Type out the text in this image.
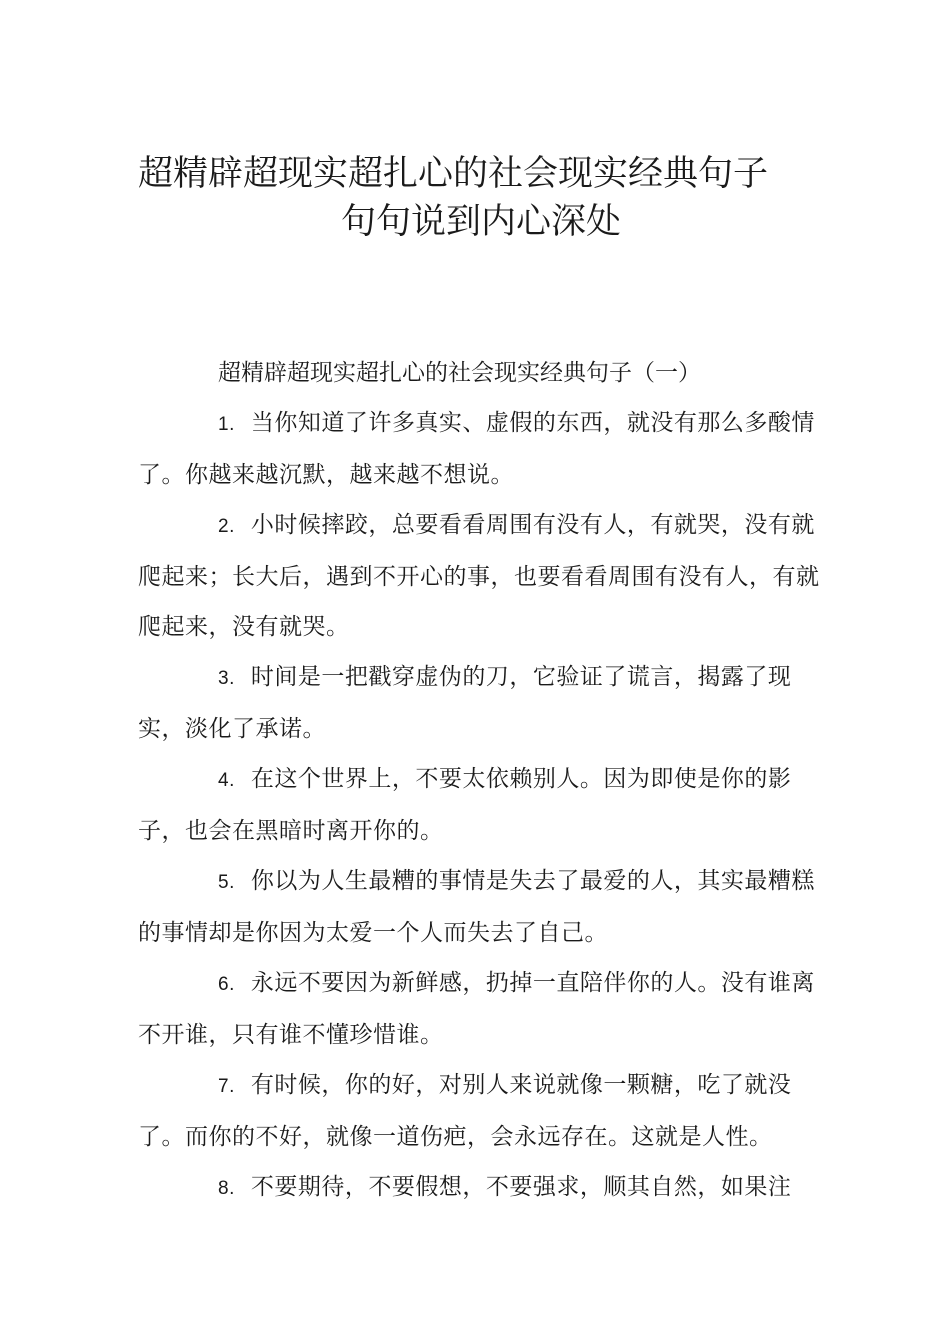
超精辟超现实超扎心的社会现实经典句子
句句说到内心深处
超精辟超现实超扎心的社会现实经典句子（一）

1. 当你知道了许多真实、虚假的东西，就没有那么多酸情了。你越来越沉默，越来越不想说。

2. 小时候摔跤，总要看看周围有没有人，有就哭，没有就爬起来；长大后，遇到不开心的事，也要看看周围有没有人，有就爬起来，没有就哭。

3. 时间是一把戳穿虚伪的刀，它验证了谎言，揭露了现实，淡化了承诺。

4. 在这个世界上，不要太依赖别人。因为即使是你的影子，也会在黑暗时离开你的。

5. 你以为人生最糟的事情是失去了最爱的人，其实最糟糕的事情却是你因为太爱一个人而失去了自己。

6. 永远不要因为新鲜感，扔掉一直陪伴你的人。没有谁离不开谁，只有谁不懂珍惜谁。

7. 有时候，你的好，对别人来说就像一颗糖，吃了就没了。而你的不好，就像一道伤疤，会永远存在。这就是人性。

8. 不要期待，不要假想，不要强求，顺其自然，如果注
